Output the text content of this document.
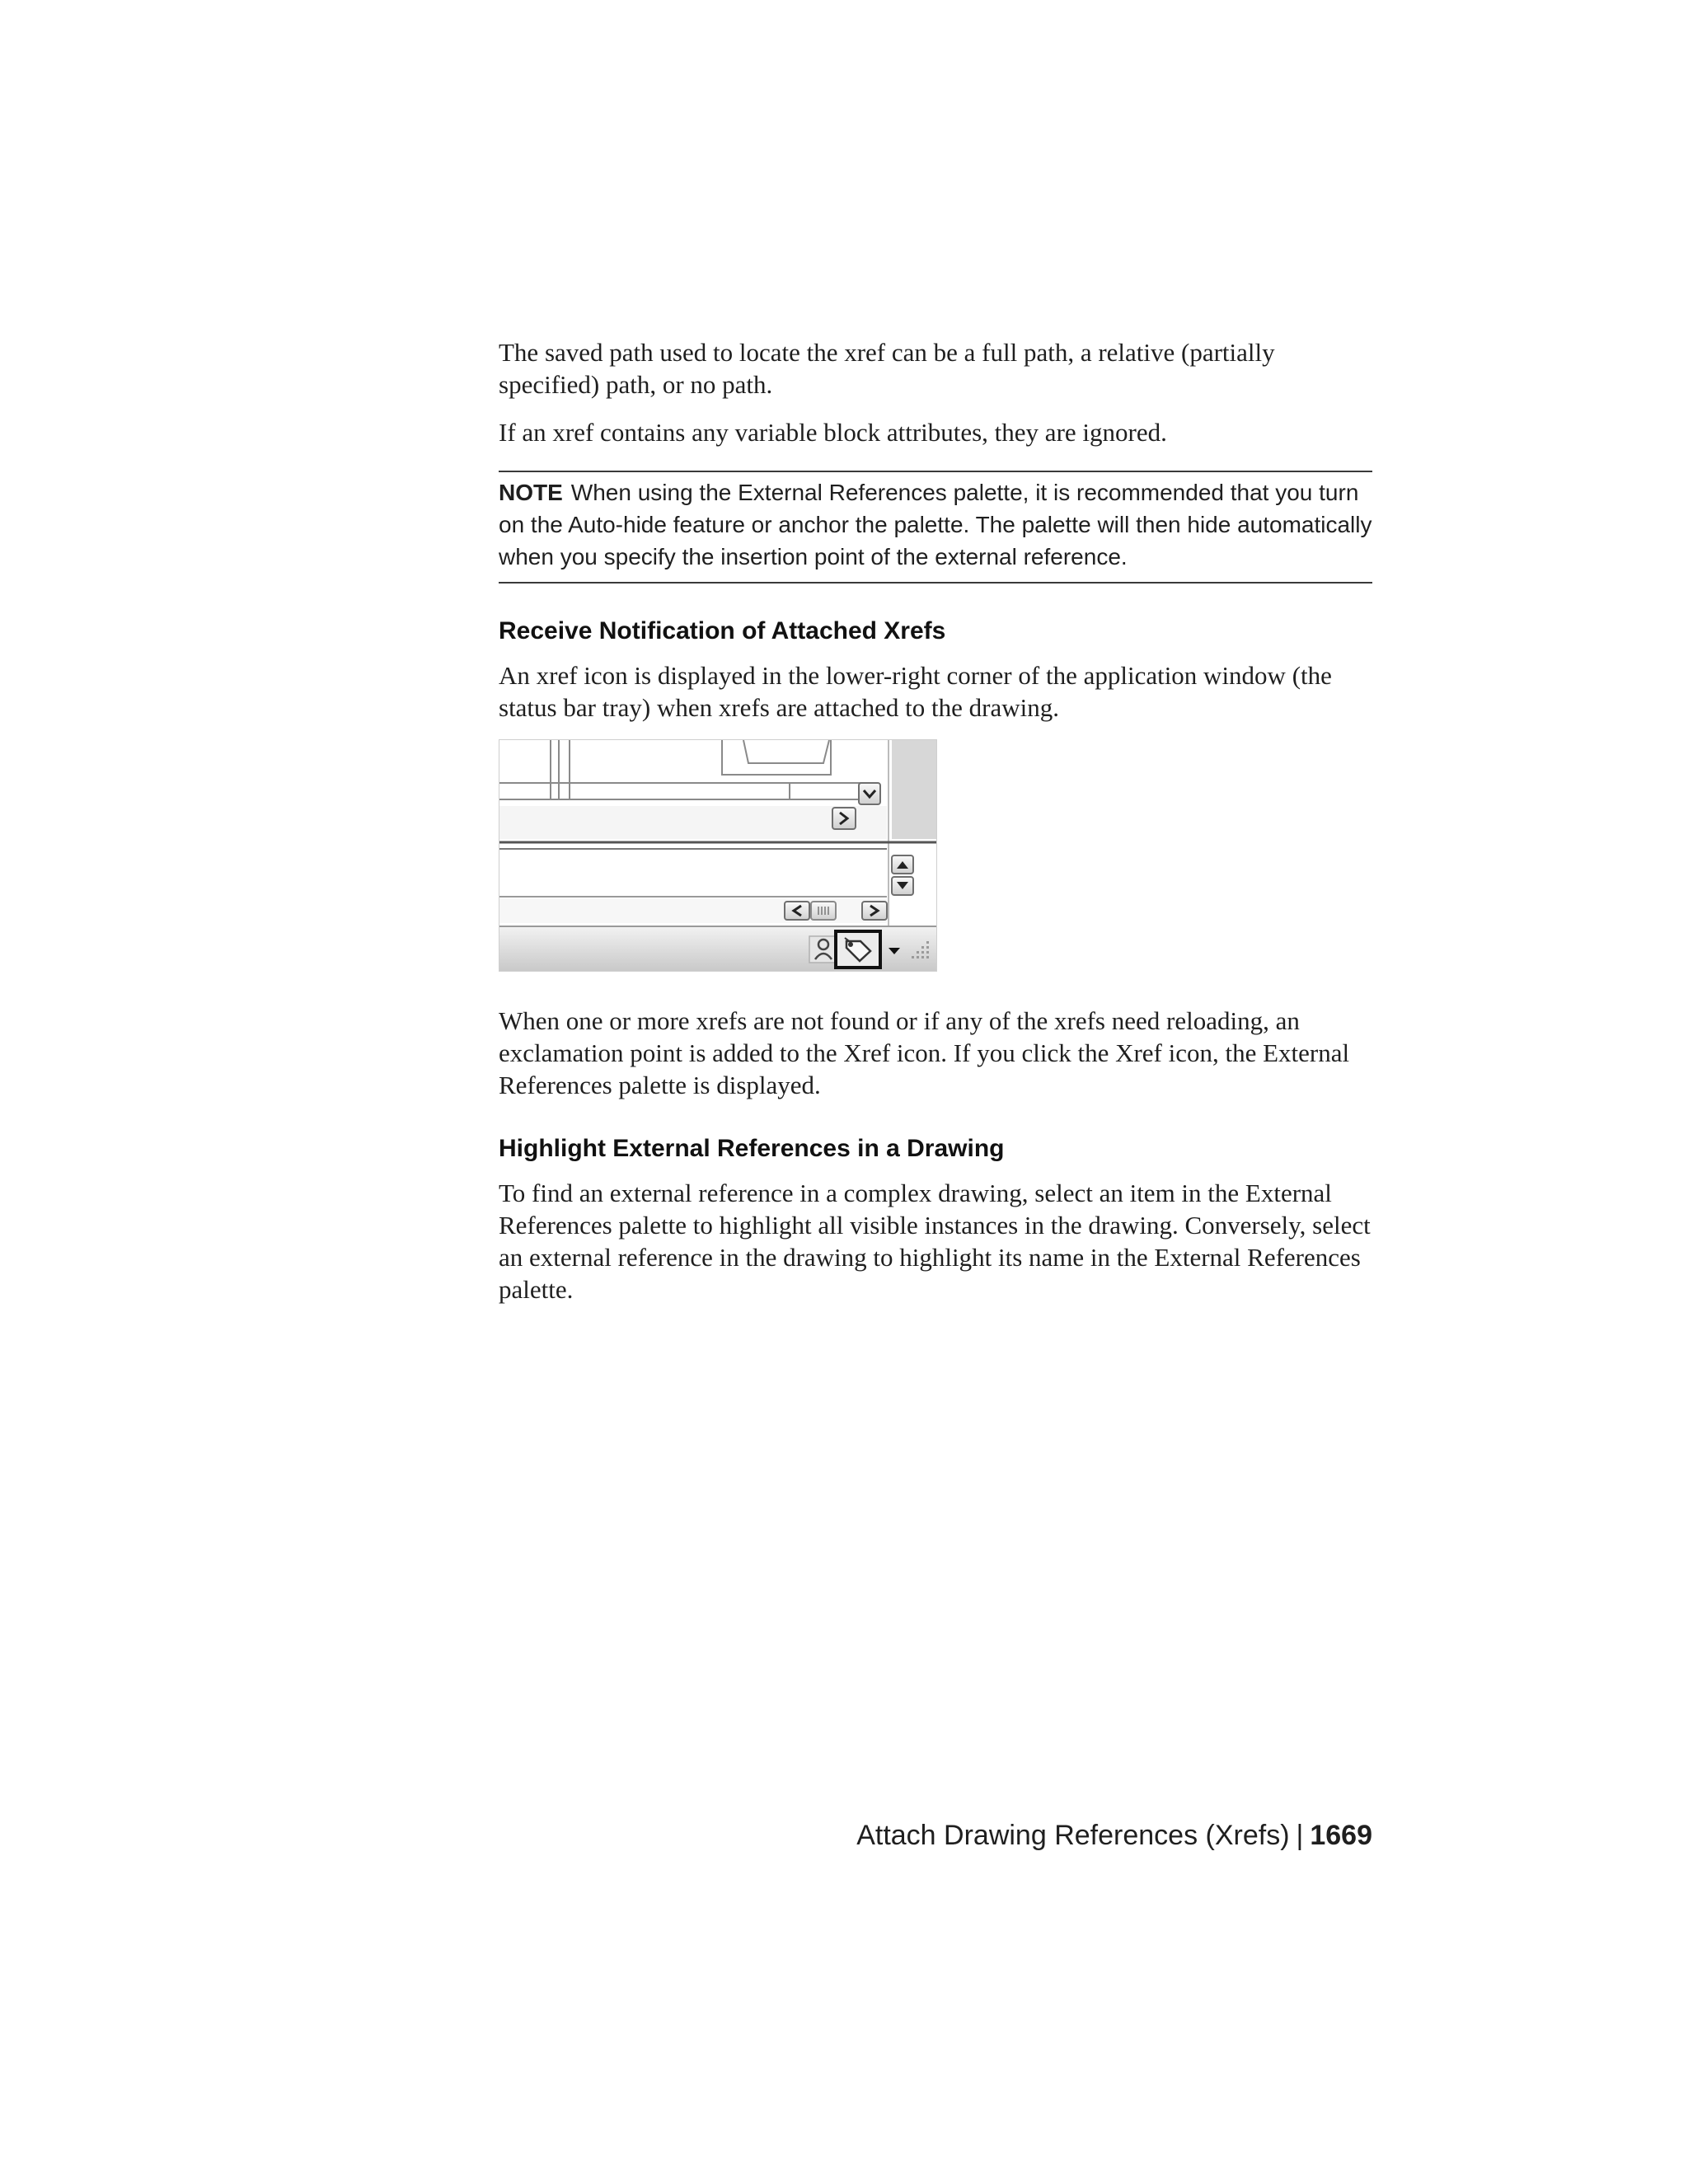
The saved path used to locate the xref can be a full path, a relative (partially specified) path, or no path.

If an xref contains any variable block attributes, they are ignored.

NOTE When using the External References palette, it is recommended that you turn on the Auto-hide feature or anchor the palette. The palette will then hide automatically when you specify the insertion point of the external reference.
Receive Notification of Attached Xrefs

An xref icon is displayed in the lower-right corner of the application window (the status bar tray) when xrefs are attached to the drawing.

When one or more xrefs are not found or if any of the xrefs need reloading, an exclamation point is added to the Xref icon. If you click the Xref icon, the External References palette is displayed.

Highlight External References in a Drawing

To find an external reference in a complex drawing, select an item in the External References palette to highlight all visible instances in the drawing. Conversely, select an external reference in the drawing to highlight its name in the External References palette.

Attach Drawing References (Xrefs) | 1669
